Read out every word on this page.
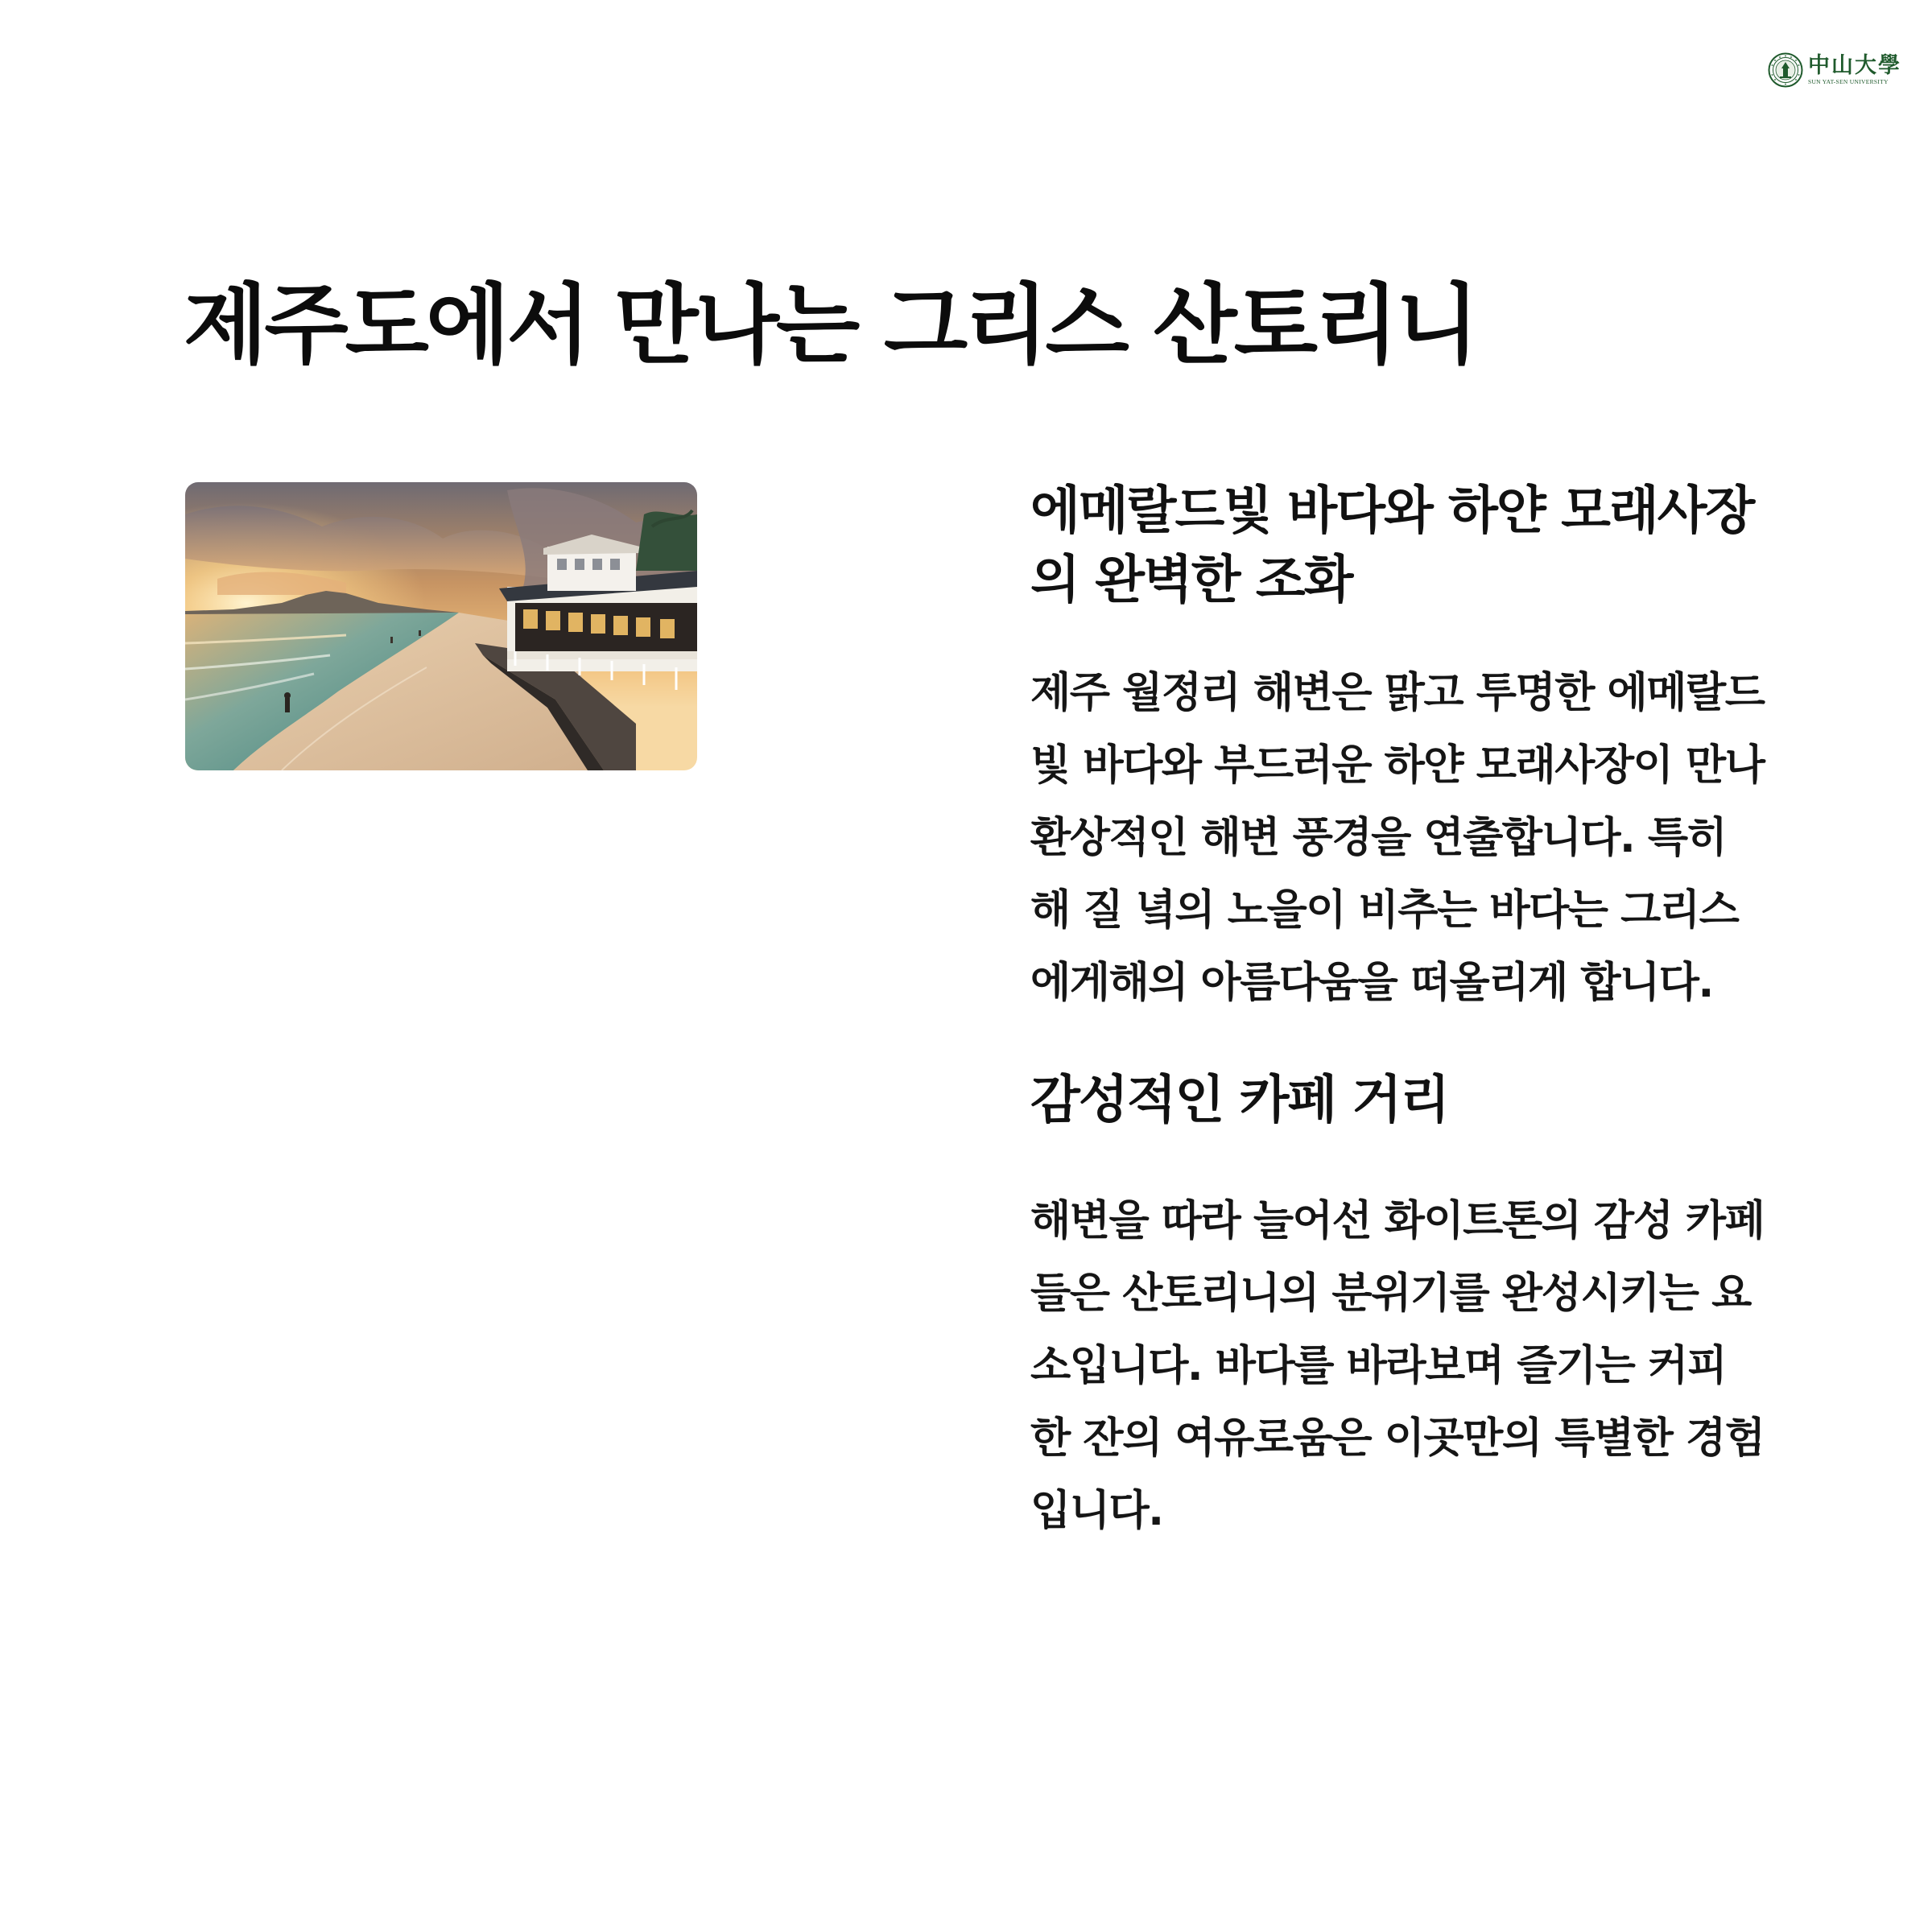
中山大學
SUN YAT-SEN UNIVERSITY
제주도에서 만나는 그리스 산토리니
에메랄드빛 바다와 하얀 모래사장의 완벽한 조화

제주 월정리 해변은 맑고 투명한 에메랄드빛 바다와 부드러운 하얀 모래사장이 만나 환상적인 해변 풍경을 연출합니다. 특히 해 질 녘의 노을이 비추는 바다는 그리스 에게해의 아름다움을 떠올리게 합니다.

감성적인 카페 거리

해변을 따라 늘어선 화이트톤의 감성 카페들은 산토리니의 분위기를 완성시키는 요소입니다. 바다를 바라보며 즐기는 커피 한 잔의 여유로움은 이곳만의 특별한 경험입니다.
